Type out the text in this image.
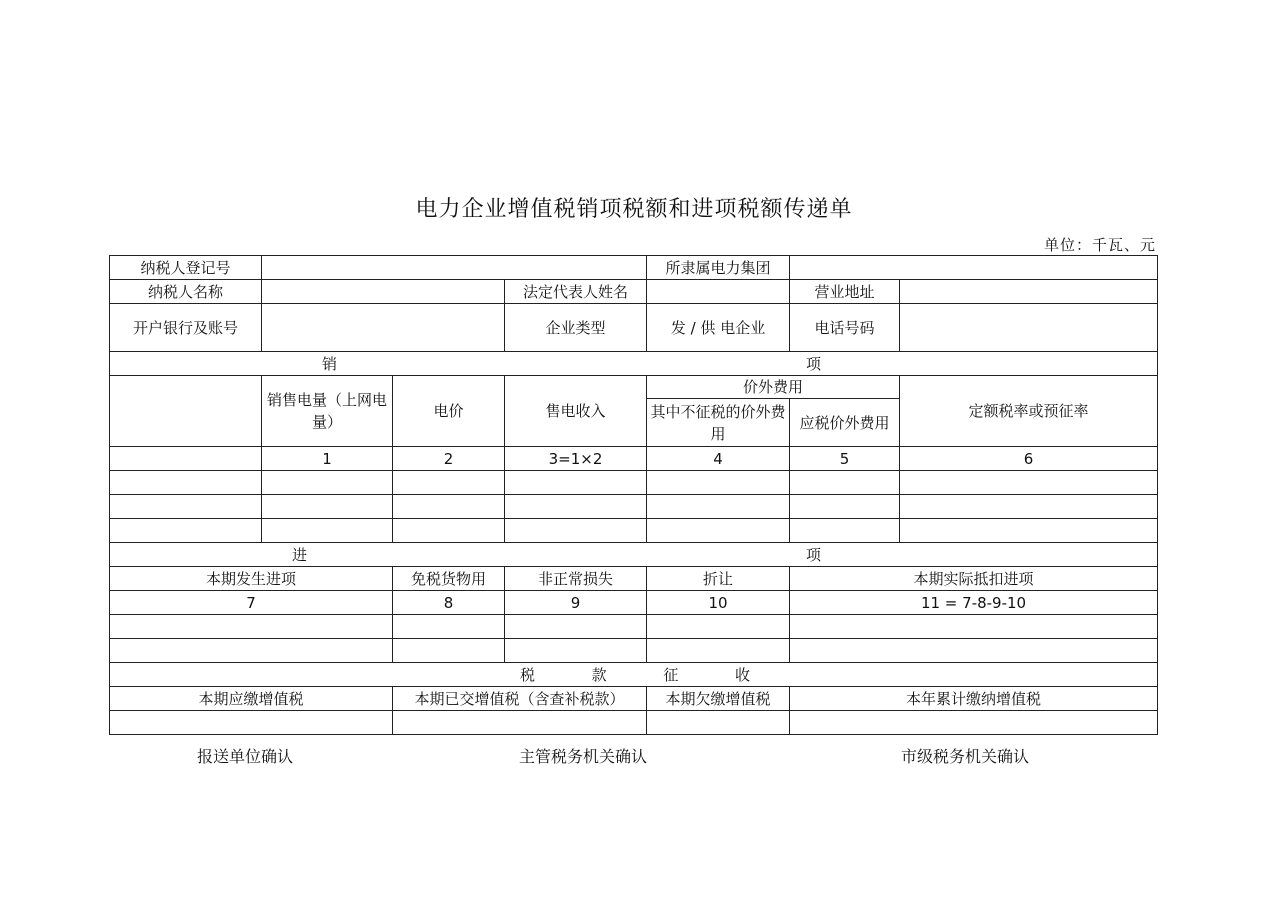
电力企业增值税销项税额和进项税额传递单
单位：千瓦、元
纳税人登记号				所隶属电力集团		
纳税人名称			法定代表人姓名		营业地址	
开户银行及账号			企业类型	发 / 供 电企业	电话号码	

销 项						

	销售电量（上网电量）	电价	售电收入	价外费用		定额税率或预征率
				其中不征税的价外费用	应税价外费用	
	1	2	3=1×2	4	5	6

进 项						

本期发生进项		免税货物用	非正常损失	折让	本期实际抵扣进项	
7		8	9	10	11 = 7-8-9-10	

税 款 征 收						

本期应缴增值税		本期已交增值税（含查补税款）		本期欠缴增值税	本年累计缴纳增值税	

报送单位确认	主管税务机关确认	市级税务机关确认
